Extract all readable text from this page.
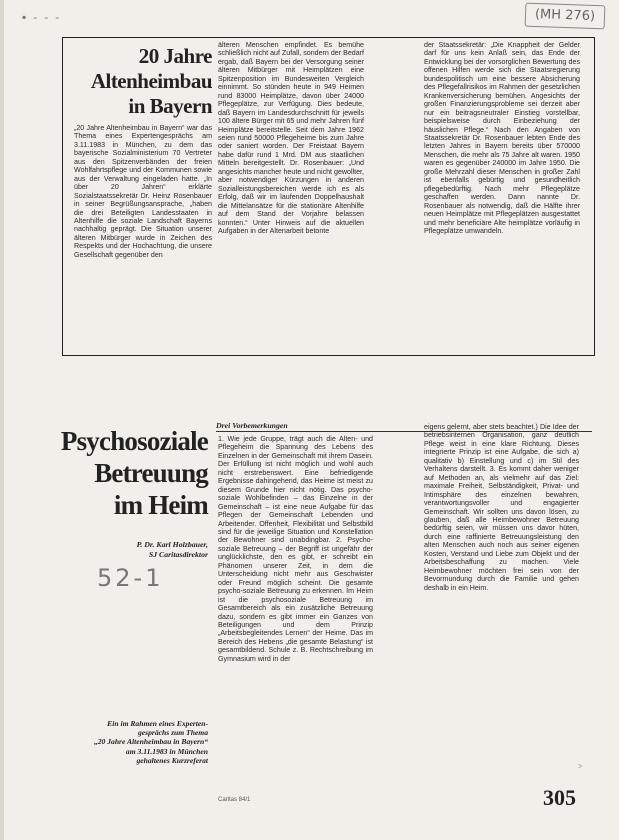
▪ - - -	(MH 276)
20 Jahre
Altenheimbau
in Bayern
„20 Jahre Altenheimbau in Bayern“ war das Thema eines Expertengesprächs am 3.11.1983 in München, zu dem das bayerische Sozialministerium 70 Vertreter aus den Spitzenverbänden der freien Wohlfahrtspflege und der Kommunen sowie aus der Verwaltung eingeladen hatte. „In über 20 Jahren“ erklärte Sozialstaatssekretär Dr. Heinz Rosenbauer in seiner Begrüßungsansprache, „haben die drei Beteiligten Landesstaaten in Altenhilfe die soziale Landschaft Bayerns nachhaltig geprägt. Die Situation unserer älteren Mitbürger wurde in Zeichen des Respekts und der Hochachtung, die unsere Gesellschaft gegenüber den
älteren Menschen empfindet. Es bemühe schließlich nicht auf Zufall, sondern der Bedarf ergab, daß Bayern bei der Versorgung seiner älteren Mitbürger mit Heimplätzen eine Spitzenposition im Bundesweiten Vergleich einnimmt. So stünden heute in 949 Heimen rund 83000 Heimplätze, davon über 24000 Pflegeplätze, zur Verfügung. Dies bedeute, daß Bayern im Landesdurchschnitt für jeweils 100 ältere Bürger mit 65 und mehr Jahren fünf Heimplätze bereitstelle. Seit dem Jahre 1962 seien rund 50000 Pflegeheime bis zum Jahre oder saniert worden. Der Freistaat Bayern habe dafür rund 1 Mrd. DM aus staatlichen Mitteln bereitgestellt. Dr. Rosenbauer: „Und angesichts mancher heute und nicht gewollter, aber notwendiger Kürzungen in anderen Sozialleistungsbereichen werde ich es als Erfolg, daß wir im laufenden Doppelhaushalt die Mittelansätze für die stationäre Altenhilfe auf dem Stand der Vorjahre belassen konnten.“ Unter Hinweis auf die aktuellen Aufgaben in der Altenarbeit betonte
der Staatssekretär: „Die Knappheit der Gelder darf für uns kein Anlaß sein, das Ende der Entwicklung bei der vorsorglichen Bewertung des offenen Hilfen werde sich die Staatsregierung bundespolitisch um eine bessere Absicherung des Pflegefallrisikos im Rahmen der gesetzlichen Krankenversicherung bemühen. Angesichts der großen Finanzierungsprobleme sei derzeit aber nur ein beitragsneutraler Einstieg vorstellbar, beispielsweise durch Einbeziehung der häuslichen Pflege.“ Nach den Angaben von Staatssekretär Dr. Rosenbauer lebten Ende des letzten Jahres in Bayern bereits über 570000 Menschen, die mehr als 75 Jahre alt waren. 1950 waren es gegenüber 240000 im Jahre 1950. Die große Mehrzahl dieser Menschen in großer Zahl ist ebenfalls gebürtig und gesundheitlich pflegebedürftig. Nach mehr Pflegeplätze geschaffen werden. Dann nannte Dr. Rosenbauer als notwendig, daß die Hälfte ihrer neuen Heimplätze mit Pflegeplätzen ausgestattet und mehr beneficiäre Alte heimplätze vorläufig in Pflegeplätze umwandeln.
Psychosoziale
Betreuung
im Heim
P. Dr. Karl Holzbauer,
SJ Caritasdirektor
52-1
Ein im Rahmen eines Experten-
gesprächs zum Thema
„20 Jahre Altenheimbau in Bayern“
am 3.11.1983 in München
gehaltenes Kurzreferat
Drei Vorbemerkungen
1. Wie jede Gruppe, trägt auch die Alten- und Pflegeheim die Spannung des Lebens des Einzelnen in der Gemeinschaft mit ihrem Dasein. Der Erfüllung ist nicht möglich und wohl auch nicht erstrebenswert. Eine befriedigende Ergebnisse dahingehend, das Heime ist meist zu diesem Grunde hier nicht nötig. Das psycho-soziale Wohlbefinden – das Einzelne in der Gemeinschaft – ist eine neue Aufgabe für das Pflegen der Gemeinschaft Lebenden und Arbeitender. Offenheit, Flexibilität und Selbstbild sind für die jeweilige Situation und Konstellation der Bewohner sind unabdingbar. 2. Psycho-soziale Betreuung – der Begriff ist ungefähr der unglücklichste, den es gibt, er schreibt ein Phänomen unserer Zeit, in dem die Unterscheidung nicht mehr aus Geschwister oder Freund möglich scheint. Die gesamte psycho-soziale Betreuung zu erkennen. Im Heim ist die psychosoziale Betreuung im Gesamtbereich als ein zusätzliche Betreuung dazu, sondern es gibt immer ein Ganzes von Beteiligungen und dem Prinzip „Arbeitsbegleitendes Lernen“ der Heime. Das im Bereich des Hebens „die gesamte Belastung“ ist gesamtbildend. Schule z. B. Rechtschreibung im Gymnasium wird in der
eigens gelernt, aber stets beachtet.) Die Idee der betriebsinternen Organisation, ganz deutlich Pflege weist in eine klare Richtung. Dieses integrierte Prinzip ist eine Aufgabe, die sich a) qualitativ b) Einstellung und c) im Stil des Verhaltens darstellt. 3. Es kommt daher weniger auf Methoden an, als vielmehr auf das Ziel: maximale Freiheit, Selbständigkeit, Privat- und Intimsphäre des einzelnen bewahren, verantwortungsvoller und engagierter Gemeinschaft. Wir sollten uns davon lösen, zu glauben, daß alle Heimbewohner Betreuung bedürftig seien, wir müssen uns davor hüten, durch eine raffinierte Betreuungsleistung den alten Menschen auch noch aus seiner eigenen Kosten, Verstand und Liebe zum Objekt und der Arbeitsbeschaffung zu machen. Viele Heimbewohner möchten frei sein von der Bevormundung durch die Familie und gehen deshalb in ein Heim.
>
Caritas 84/1	305
